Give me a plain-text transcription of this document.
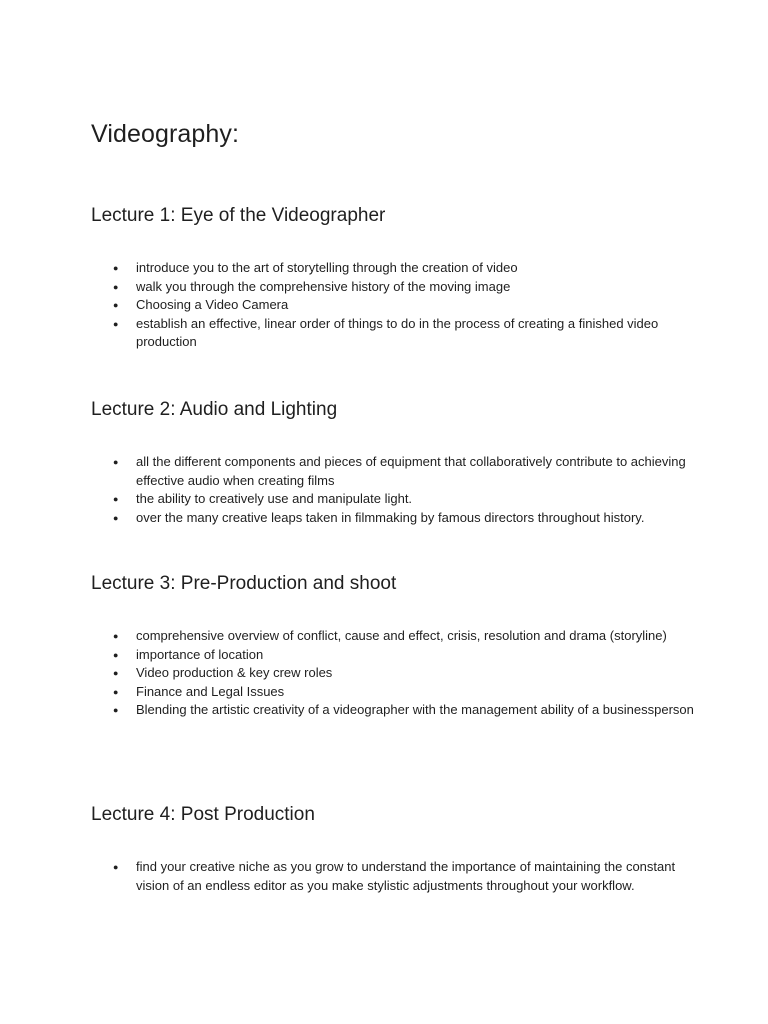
Videography:
Lecture 1: Eye of the Videographer
● introduce you to the art of storytelling through the creation of video
● walk you through the comprehensive history of the moving image
● Choosing a Video Camera
● establish an effective, linear order of things to do in the process of creating a finished video production
Lecture 2: Audio and Lighting
● all the different components and pieces of equipment that collaboratively contribute to achieving effective audio when creating films
● the ability to creatively use and manipulate light.
● over the many creative leaps taken in filmmaking by famous directors throughout history.
Lecture 3: Pre-Production and shoot
● comprehensive overview of conflict, cause and effect, crisis, resolution and drama (storyline)
● importance of location
● Video production & key crew roles
● Finance and Legal Issues
● Blending the artistic creativity of a videographer with the management ability of a businessperson
Lecture 4: Post Production
● find your creative niche as you grow to understand the importance of maintaining the constant vision of an endless editor as you make stylistic adjustments throughout your workflow.
